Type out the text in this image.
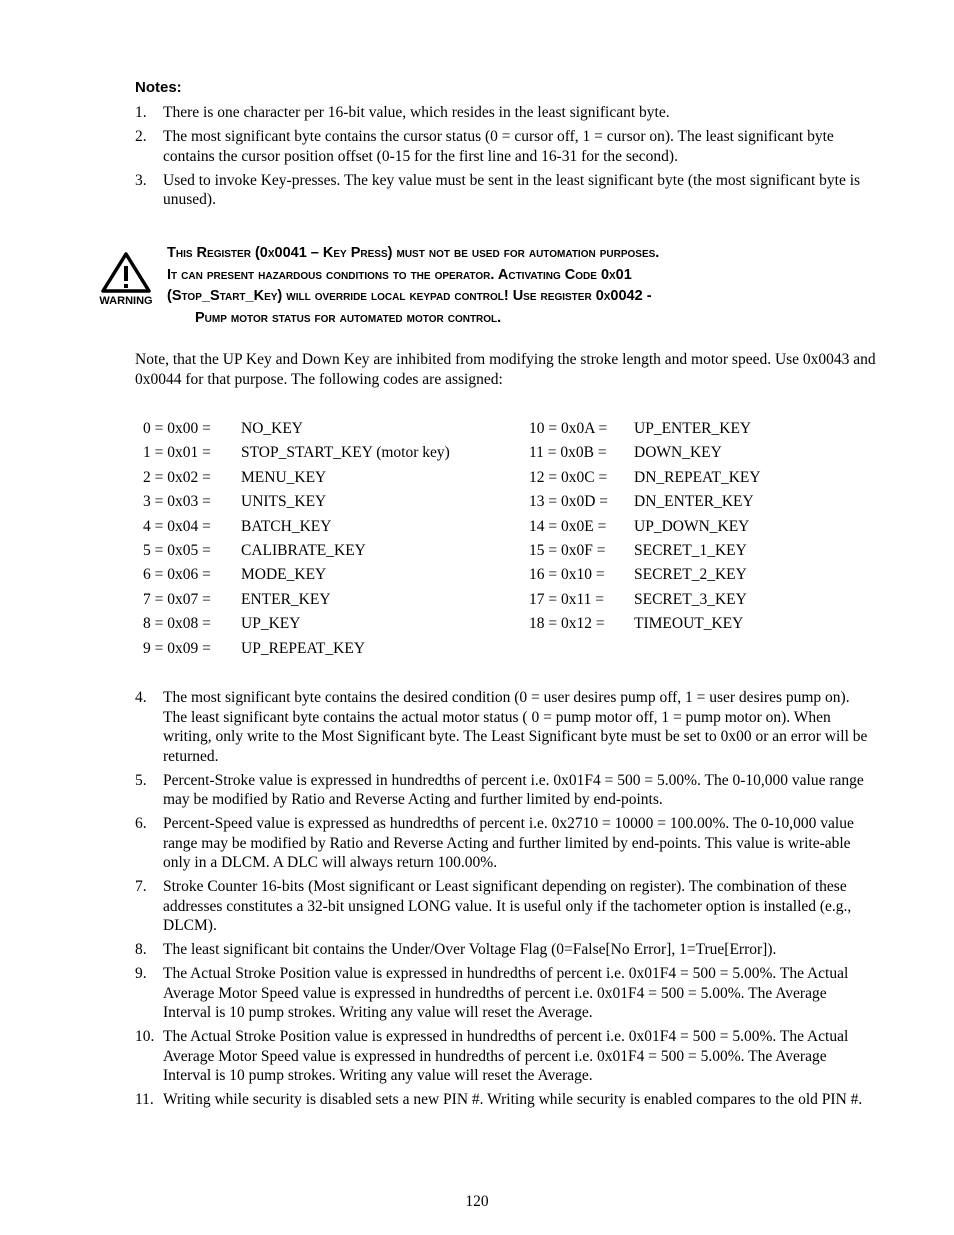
Notes:
1. There is one character per 16-bit value, which resides in the least significant byte.
2. The most significant byte contains the cursor status (0 = cursor off, 1 = cursor on). The least significant byte contains the cursor position offset (0-15 for the first line and 16-31 for the second).
3. Used to invoke Key-presses. The key value must be sent in the least significant byte (the most significant byte is unused).
WARNING
This Register (0x0041 – Key Press) must not be used for automation purposes.
It can present hazardous conditions to the operator. Activating Code 0x01
(Stop_Start_Key) will override local keypad control! Use register 0x0042 -
Pump motor status for automated motor control.
Note, that the UP Key and Down Key are inhibited from modifying the stroke length and motor speed. Use 0x0043 and 0x0044 for that purpose. The following codes are assigned:
0 = 0x00 = NO_KEY
1 = 0x01 = STOP_START_KEY (motor key)
2 = 0x02 = MENU_KEY
3 = 0x03 = UNITS_KEY
4 = 0x04 = BATCH_KEY
5 = 0x05 = CALIBRATE_KEY
6 = 0x06 = MODE_KEY
7 = 0x07 = ENTER_KEY
8 = 0x08 = UP_KEY
9 = 0x09 = UP_REPEAT_KEY
10 = 0x0A = UP_ENTER_KEY
11 = 0x0B = DOWN_KEY
12 = 0x0C = DN_REPEAT_KEY
13 = 0x0D = DN_ENTER_KEY
14 = 0x0E = UP_DOWN_KEY
15 = 0x0F = SECRET_1_KEY
16 = 0x10 = SECRET_2_KEY
17 = 0x11 = SECRET_3_KEY
18 = 0x12 = TIMEOUT_KEY
4. The most significant byte contains the desired condition (0 = user desires pump off, 1 = user desires pump on). The least significant byte contains the actual motor status ( 0 = pump motor off, 1 = pump motor on). When writing, only write to the Most Significant byte. The Least Significant byte must be set to 0x00 or an error will be returned.
5. Percent-Stroke value is expressed in hundredths of percent i.e. 0x01F4 = 500 = 5.00%. The 0-10,000 value range may be modified by Ratio and Reverse Acting and further limited by end-points.
6. Percent-Speed value is expressed as hundredths of percent i.e. 0x2710 = 10000 = 100.00%. The 0-10,000 value range may be modified by Ratio and Reverse Acting and further limited by end-points. This value is write-able only in a DLCM. A DLC will always return 100.00%.
7. Stroke Counter 16-bits (Most significant or Least significant depending on register). The combination of these addresses constitutes a 32-bit unsigned LONG value. It is useful only if the tachometer option is installed (e.g., DLCM).
8. The least significant bit contains the Under/Over Voltage Flag (0=False[No Error], 1=True[Error]).
9. The Actual Stroke Position value is expressed in hundredths of percent i.e. 0x01F4 = 500 = 5.00%. The Actual Average Motor Speed value is expressed in hundredths of percent i.e. 0x01F4 = 500 = 5.00%. The Average Interval is 10 pump strokes. Writing any value will reset the Average.
10. The Actual Stroke Position value is expressed in hundredths of percent i.e. 0x01F4 = 500 = 5.00%. The Actual Average Motor Speed value is expressed in hundredths of percent i.e. 0x01F4 = 500 = 5.00%. The Average Interval is 10 pump strokes. Writing any value will reset the Average.
11. Writing while security is disabled sets a new PIN #. Writing while security is enabled compares to the old PIN #.
120
